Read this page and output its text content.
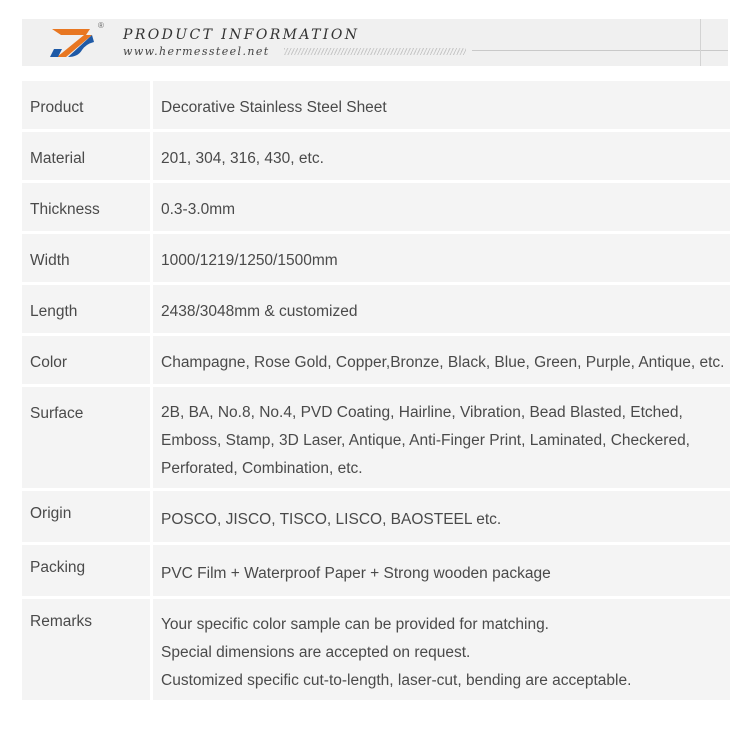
®
PRODUCT INFORMATION
www.hermessteel.net
Product	Decorative Stainless Steel Sheet
Material	201, 304, 316, 430, etc.
Thickness	0.3-3.0mm
Width	1000/1219/1250/1500mm
Length	2438/3048mm & customized
Color	Champagne, Rose Gold, Copper,Bronze, Black, Blue, Green, Purple, Antique, etc.
Surface	2B, BA, No.8, No.4, PVD Coating, Hairline, Vibration, Bead Blasted, Etched,
Emboss, Stamp, 3D Laser, Antique, Anti-Finger Print, Laminated, Checkered,
Perforated, Combination, etc.
Origin	POSCO, JISCO, TISCO, LISCO, BAOSTEEL etc.
Packing	PVC Film + Waterproof Paper + Strong wooden package
Remarks	Your specific color sample can be provided for matching.
Special dimensions are accepted on request.
Customized specific cut-to-length, laser-cut, bending are acceptable.
